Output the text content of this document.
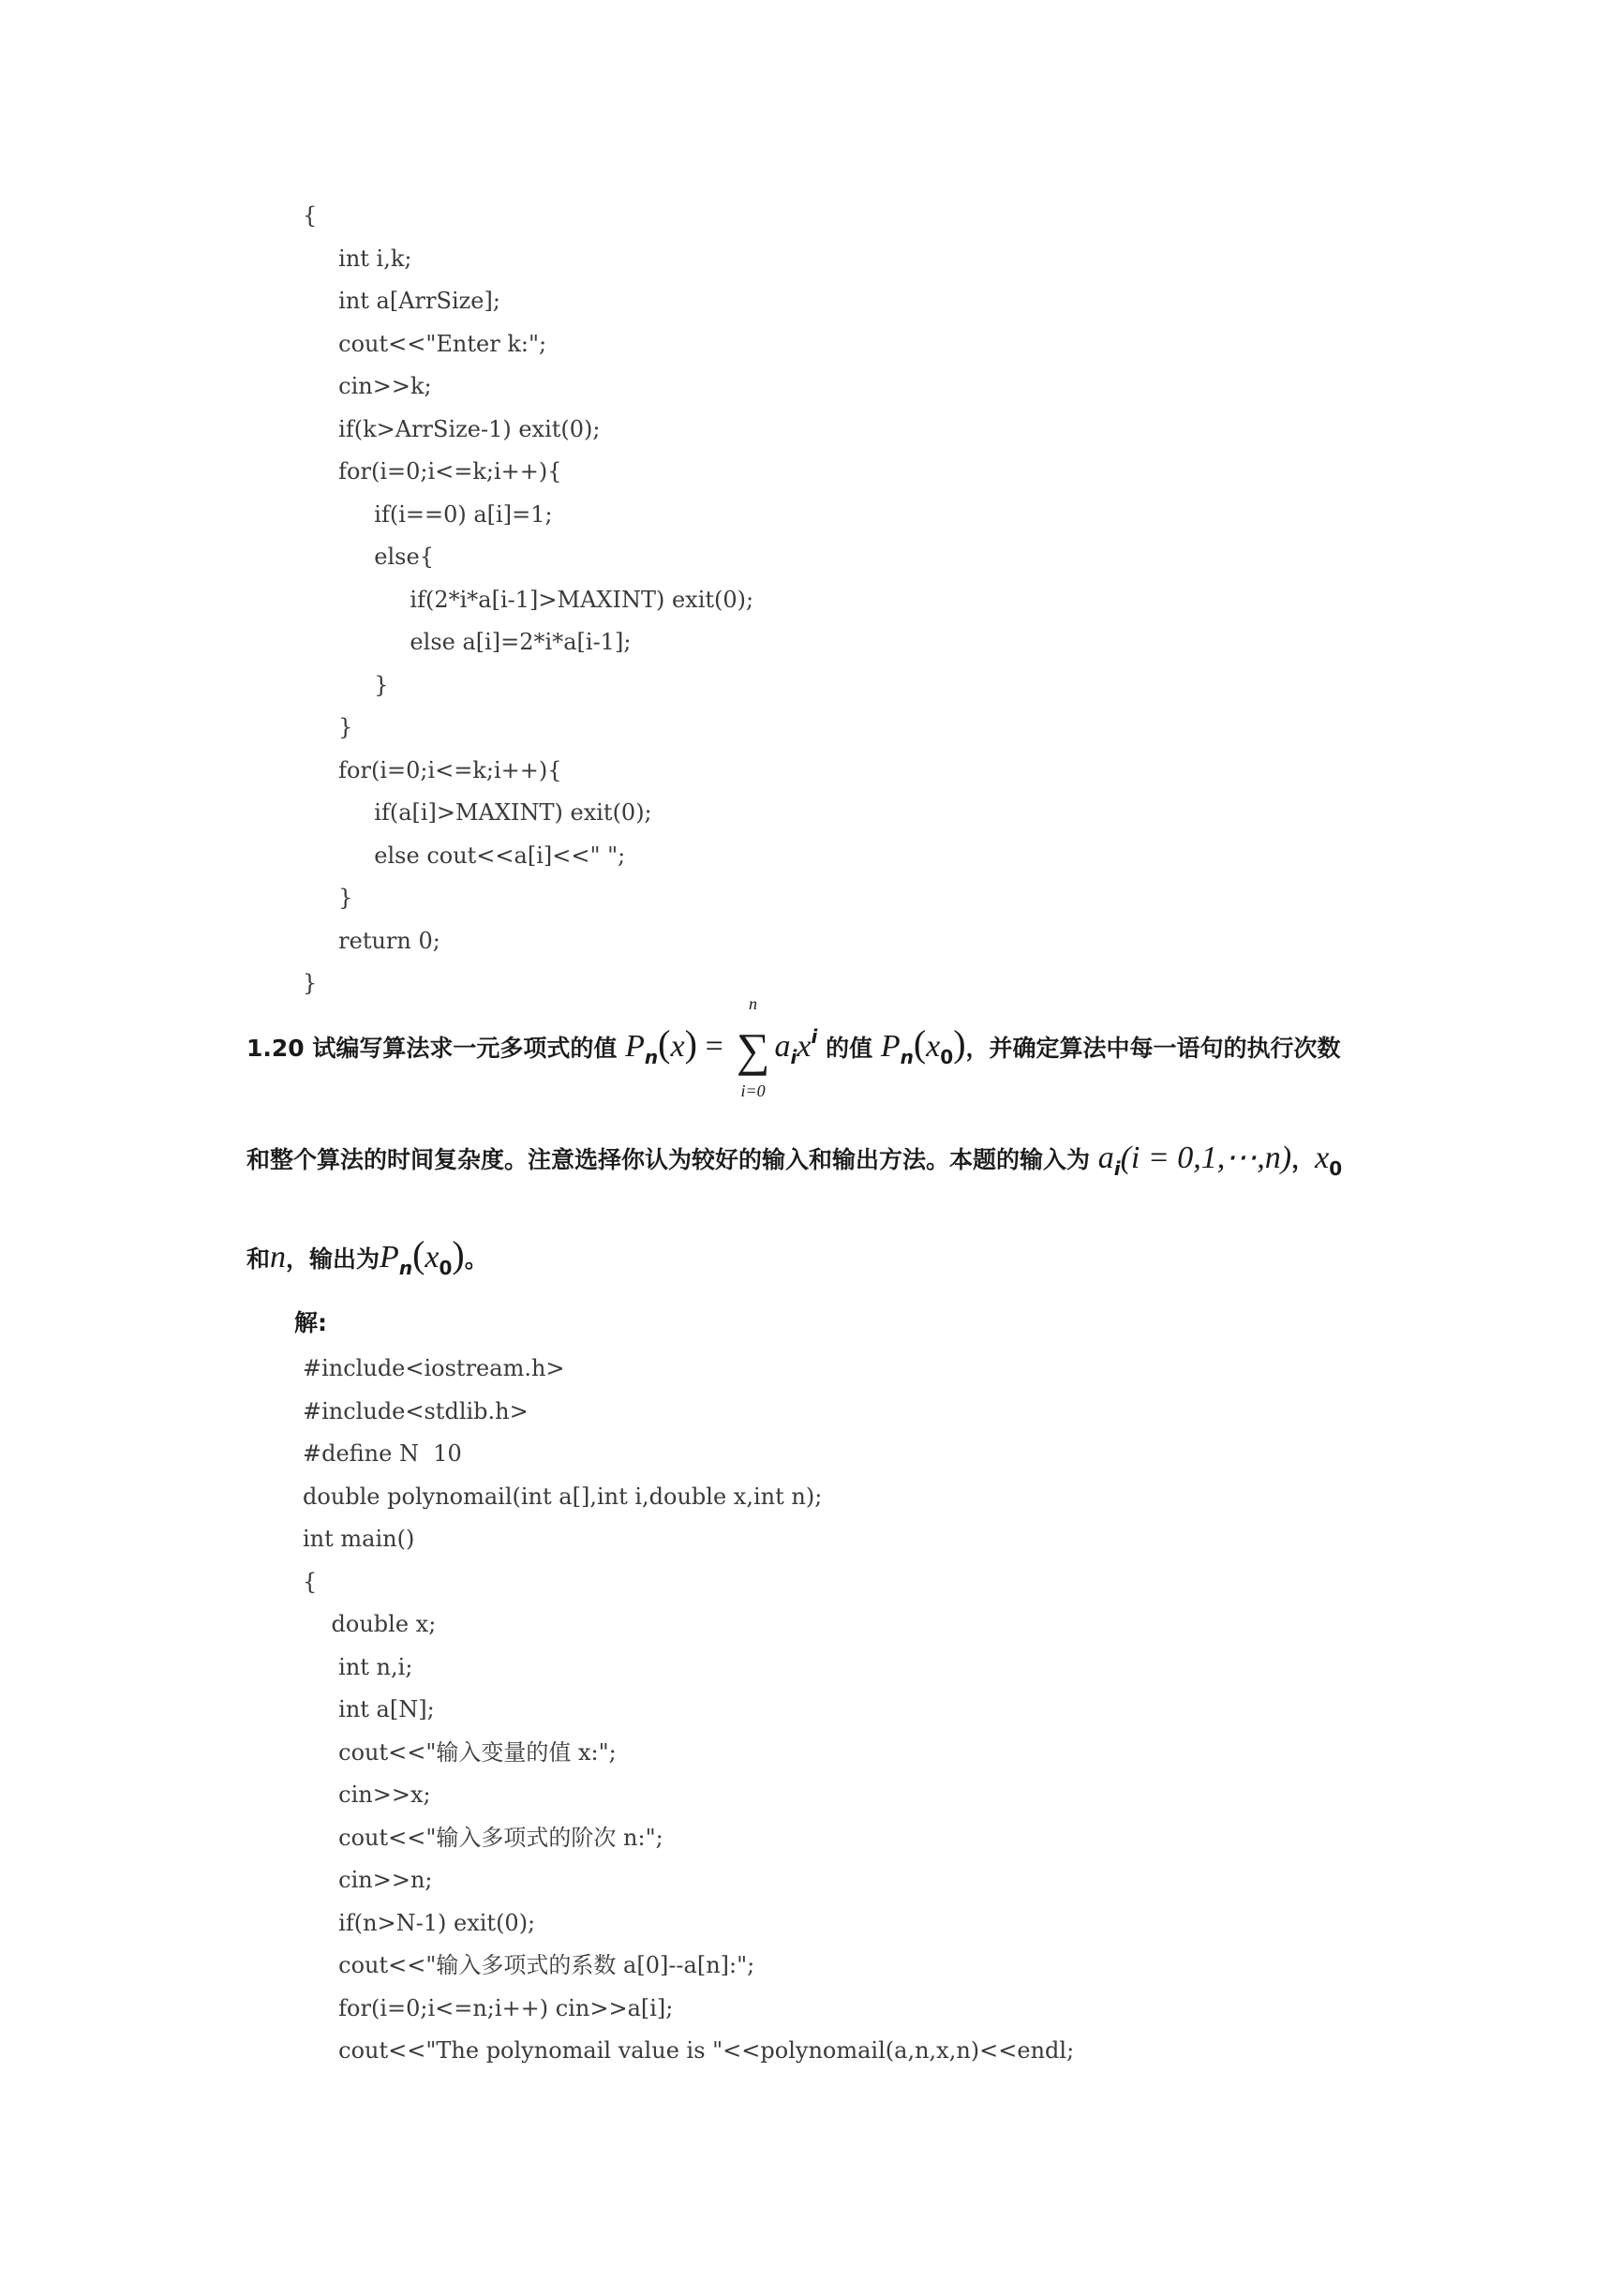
{
int i,k;
int a[ArrSize];
cout<<"Enter k:";
cin>>k;
if(k>ArrSize-1) exit(0);
for(i=0;i<=k;i++){
if(i==0) a[i]=1;
else{
if(2*i*a[i-1]>MAXINT) exit(0);
else a[i]=2*i*a[i-1];
}
}
for(i=0;i<=k;i++){
if(a[i]>MAXINT) exit(0);
else cout<<a[i]<<" ";
}
return 0;
}
1.20 试编写算法求一元多项式的值 $P_n(x)$ =
n
∑
i=0
$a_ix^i$ 的值 $P_n(x_0)$，并确定算法中每一语句的执行次数
和整个算法的时间复杂度。注意选择你认为较好的输入和输出方法。本题的输入为 $a_i(i$ = 0,1,⋯,n)，$x_0$
和n，输出为$P_n(x_0)$。
解:
#include<iostream.h>
#include<stdlib.h>
#define N  10
double polynomail(int a[],int i,double x,int n);
int main()
{
double x;
int n,i;
int a[N];
cout<<"输入变量的值 x:";
cin>>x;
cout<<"输入多项式的阶次 n:";
cin>>n;
if(n>N-1) exit(0);
cout<<"输入多项式的系数 a[0]--a[n]:";
for(i=0;i<=n;i++) cin>>a[i];
cout<<"The polynomail value is "<<polynomail(a,n,x,n)<<endl;
